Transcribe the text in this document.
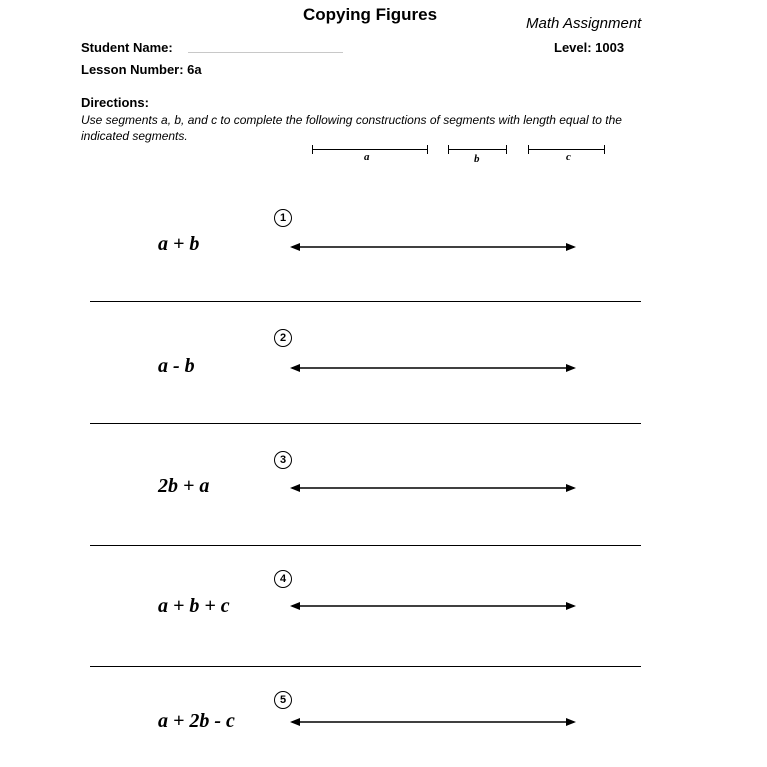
Copying Figures	Math Assignment
Level: 1003
Student Name:
Lesson Number: 6a
Directions:
Use segments a, b, and c to complete the following constructions of segments with length equal to the indicated segments.
a	b	c
1
a + b
2
a - b
3
2b + a
4
a + b + c
5
a + 2b - c
